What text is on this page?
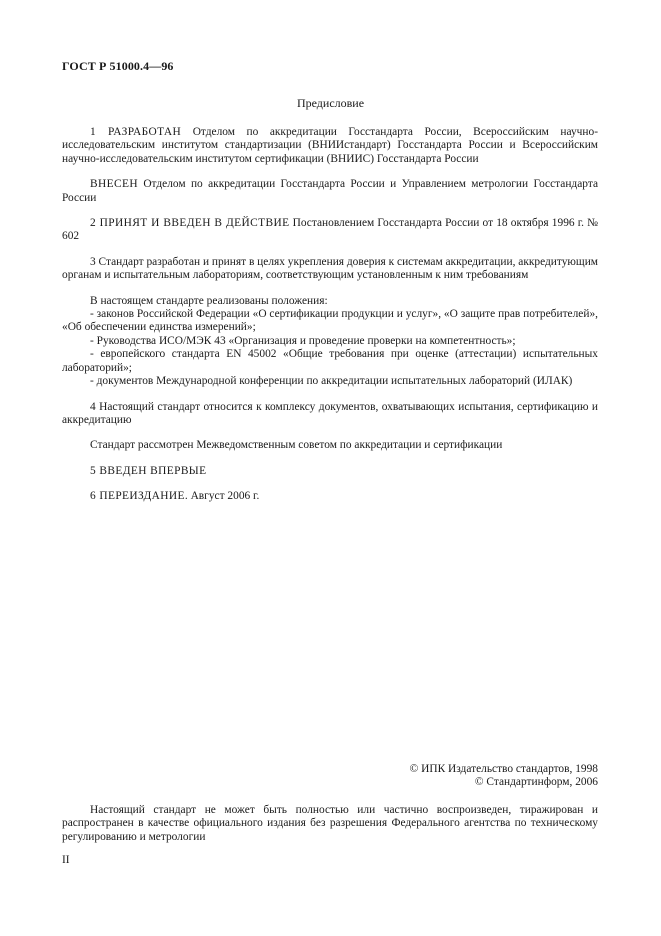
ГОСТ Р 51000.4—96
Предисловие

1 РАЗРАБОТАН Отделом по аккредитации Госстандарта России, Всероссийским научно-исследовательским институтом стандартизации (ВНИИстандарт) Госстандарта России и Всероссийским научно-исследовательским институтом сертификации (ВНИИС) Госстандарта России

ВНЕСЕН Отделом по аккредитации Госстандарта России и Управлением метрологии Госстандарта России

2 ПРИНЯТ И ВВЕДЕН В ДЕЙСТВИЕ Постановлением Госстандарта России от 18 октября 1996 г. № 602

3 Стандарт разработан и принят в целях укрепления доверия к системам аккредитации, аккредитующим органам и испытательным лабораториям, соответствующим установленным к ним требованиям

В настоящем стандарте реализованы положения:

- законов Российской Федерации «О сертификации продукции и услуг», «О защите прав потребителей», «Об обеспечении единства измерений»;

- Руководства ИСО/МЭК 43 «Организация и проведение проверки на компетентность»;

- европейского стандарта EN 45002 «Общие требования при оценке (аттестации) испытательных лабораторий»;

- документов Международной конференции по аккредитации испытательных лабораторий (ИЛАК)

4 Настоящий стандарт относится к комплексу документов, охватывающих испытания, сертификацию и аккредитацию

Стандарт рассмотрен Межведомственным советом по аккредитации и сертификации

5 ВВЕДЕН ВПЕРВЫЕ

6 ПЕРЕИЗДАНИЕ. Август 2006 г.

© ИПК Издательство стандартов, 1998
© Стандартинформ, 2006

Настоящий стандарт не может быть полностью или частично воспроизведен, тиражирован и распространен в качестве официального издания без разрешения Федерального агентства по техническому регулированию и метрологии

II
